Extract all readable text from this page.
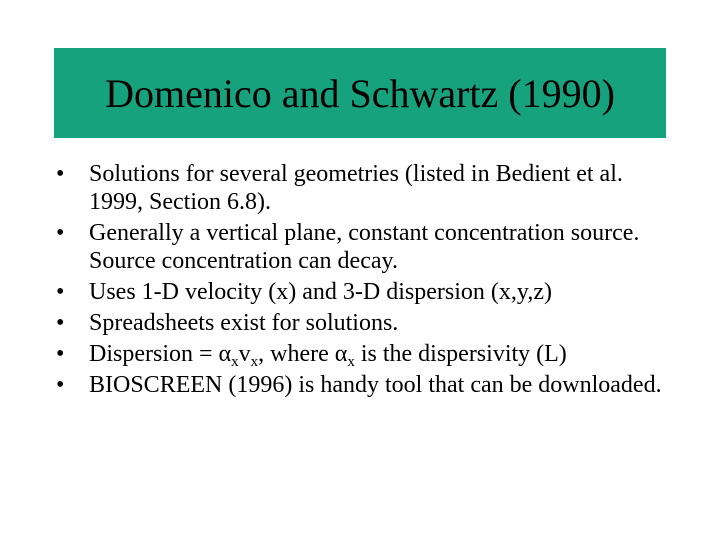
Domenico and Schwartz (1990)
•	Solutions for several geometries (listed in Bedient et al. 1999, Section 6.8).
•	Generally a vertical plane, constant concentration source. Source concentration can decay.
•	Uses 1-D velocity (x) and 3-D dispersion (x,y,z)
•	Spreadsheets exist for solutions.
•	Dispersion = $\alpha_xv_x$, where $\alpha_x$ is the dispersivity (L)
•	BIOSCREEN (1996) is handy tool that can be downloaded.
